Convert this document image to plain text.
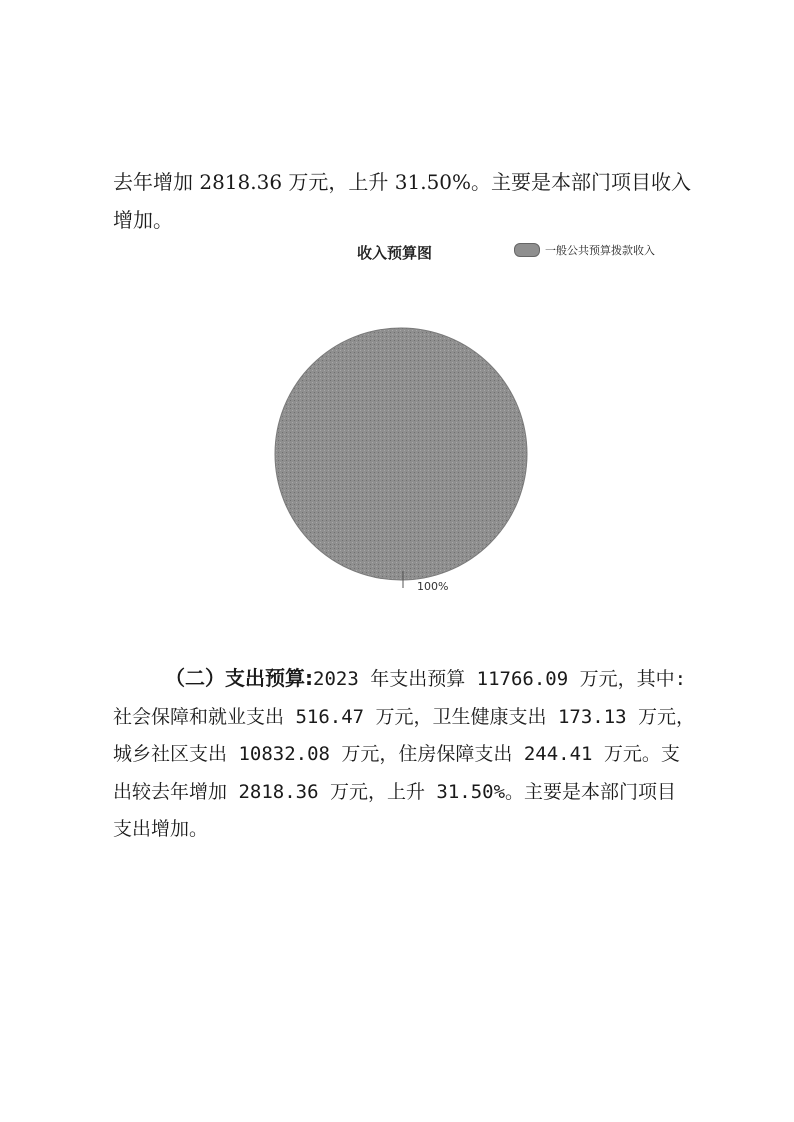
去年增加 2818.36 万元，上升 31.50%。主要是本部门项目收入
增加。
收入预算图	一般公共预算拨款收入
100%
（二）支出预算:2023 年支出预算 11766.09 万元，其中:
社会保障和就业支出 516.47 万元，卫生健康支出 173.13 万元，
城乡社区支出 10832.08 万元，住房保障支出 244.41 万元。支
出较去年增加 2818.36 万元，上升 31.50%。主要是本部门项目
支出增加。
